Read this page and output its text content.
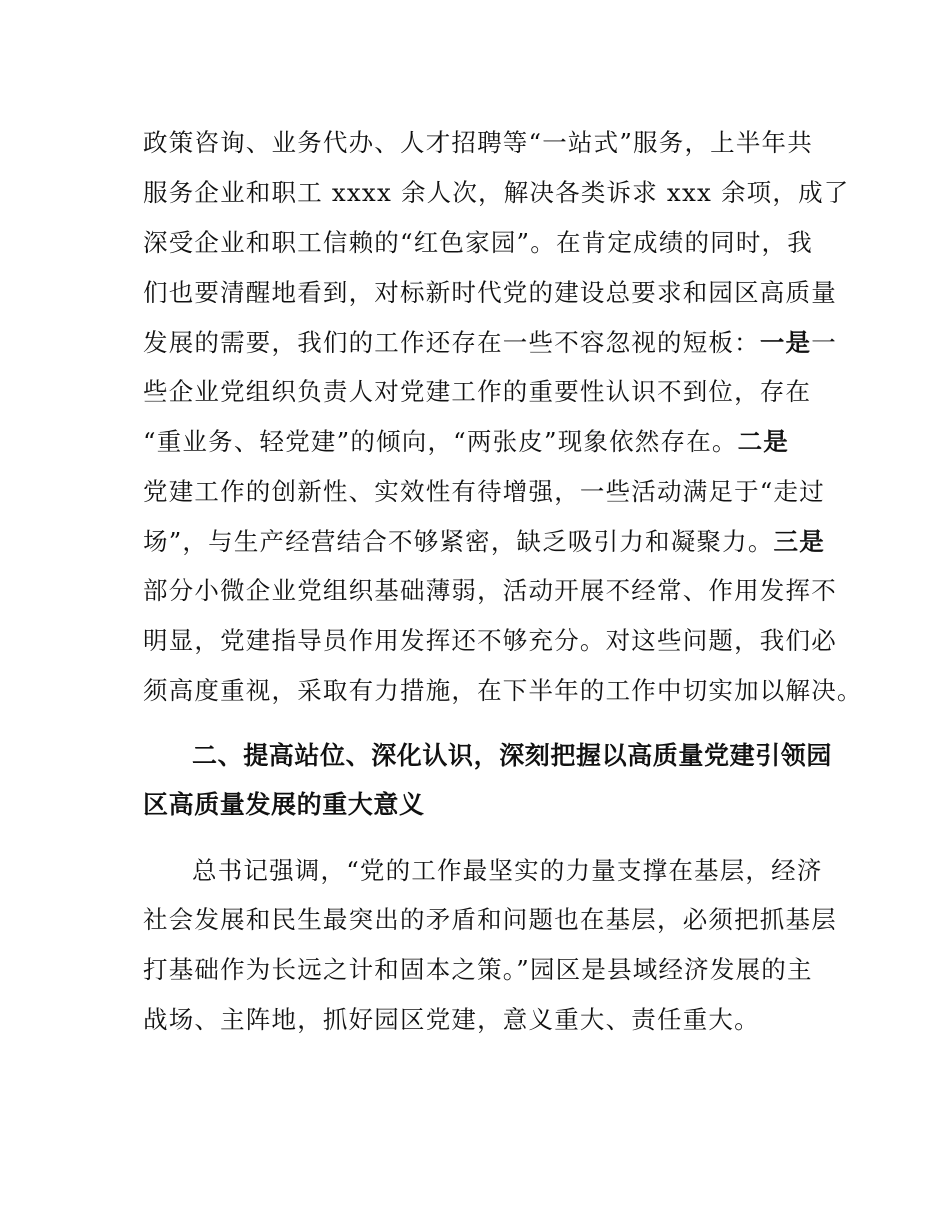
政策咨询、业务代办、人才招聘等“一站式”服务，上半年共
服务企业和职工 xxxx 余人次，解决各类诉求 xxx 余项，成了
深受企业和职工信赖的“红色家园”。在肯定成绩的同时，我
们也要清醒地看到，对标新时代党的建设总要求和园区高质量
发展的需要，我们的工作还存在一些不容忽视的短板：一是一
些企业党组织负责人对党建工作的重要性认识不到位，存在
“重业务、轻党建”的倾向，“两张皮”现象依然存在。二是
党建工作的创新性、实效性有待增强，一些活动满足于“走过
场”，与生产经营结合不够紧密，缺乏吸引力和凝聚力。三是
部分小微企业党组织基础薄弱，活动开展不经常、作用发挥不
明显，党建指导员作用发挥还不够充分。对这些问题，我们必
须高度重视，采取有力措施，在下半年的工作中切实加以解决。
二、提高站位、深化认识，深刻把握以高质量党建引领园
区高质量发展的重大意义
总书记强调，“党的工作最坚实的力量支撑在基层，经济
社会发展和民生最突出的矛盾和问题也在基层，必须把抓基层
打基础作为长远之计和固本之策。”园区是县域经济发展的主
战场、主阵地，抓好园区党建，意义重大、责任重大。
